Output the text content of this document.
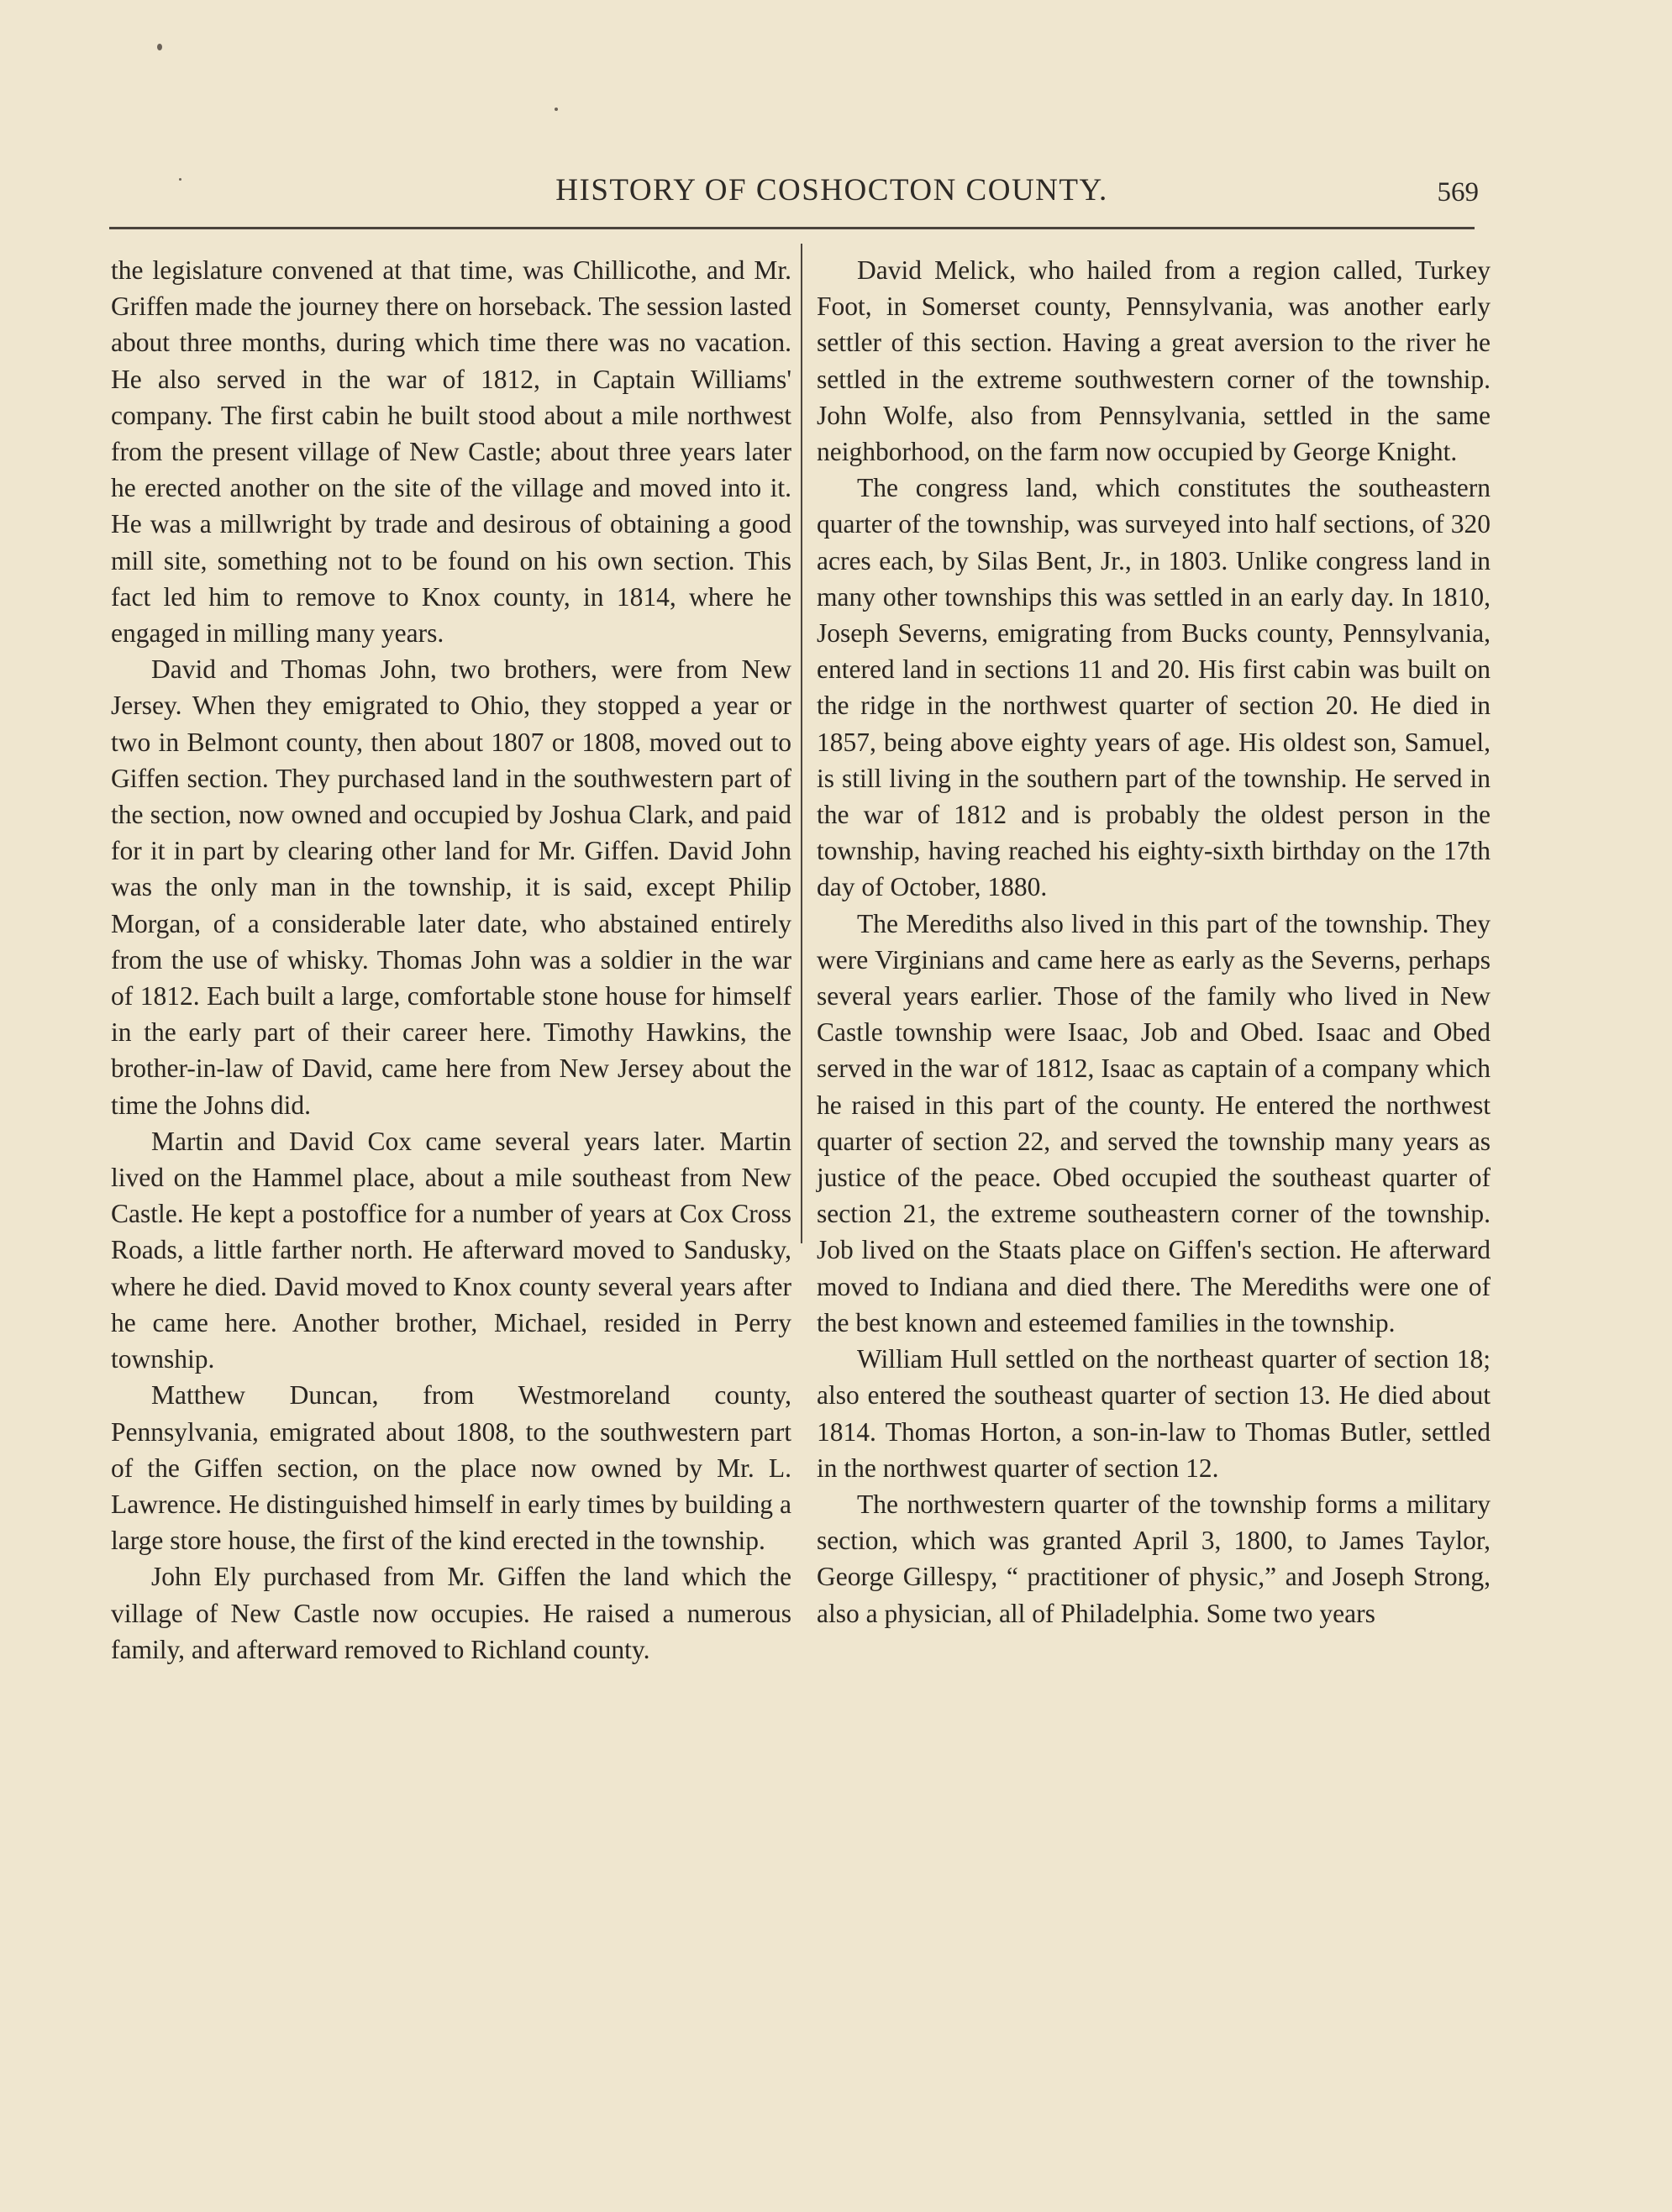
HISTORY OF COSHOCTON COUNTY.	569

the legislature convened at that time, was Chillicothe, and Mr. Griffen made the journey there on horseback. The session lasted about three months, during which time there was no vacation. He also served in the war of 1812, in Captain Williams' company. The first cabin he built stood about a mile northwest from the present village of New Castle; about three years later he erected another on the site of the village and moved into it. He was a millwright by trade and desirous of obtaining a good mill site, something not to be found on his own section. This fact led him to remove to Knox county, in 1814, where he engaged in milling many years.

David and Thomas John, two brothers, were from New Jersey. When they emigrated to Ohio, they stopped a year or two in Belmont county, then about 1807 or 1808, moved out to Giffen section. They purchased land in the southwestern part of the section, now owned and occupied by Joshua Clark, and paid for it in part by clearing other land for Mr. Giffen. David John was the only man in the township, it is said, except Philip Morgan, of a considerable later date, who abstained entirely from the use of whisky. Thomas John was a soldier in the war of 1812. Each built a large, comfortable stone house for himself in the early part of their career here. Timothy Hawkins, the brother-in-law of David, came here from New Jersey about the time the Johns did.

Martin and David Cox came several years later. Martin lived on the Hammel place, about a mile southeast from New Castle. He kept a postoffice for a number of years at Cox Cross Roads, a little farther north. He afterward moved to Sandusky, where he died. David moved to Knox county several years after he came here. Another brother, Michael, resided in Perry township.

Matthew Duncan, from Westmoreland county, Pennsylvania, emigrated about 1808, to the southwestern part of the Giffen section, on the place now owned by Mr. L. Lawrence. He distinguished himself in early times by building a large store house, the first of the kind erected in the township.

John Ely purchased from Mr. Giffen the land which the village of New Castle now occupies. He raised a numerous family, and afterward removed to Richland county.

David Melick, who hailed from a region called, Turkey Foot, in Somerset county, Pennsylvania, was another early settler of this section. Having a great aversion to the river he settled in the extreme southwestern corner of the township. John Wolfe, also from Pennsylvania, settled in the same neighborhood, on the farm now occupied by George Knight.

The congress land, which constitutes the southeastern quarter of the township, was surveyed into half sections, of 320 acres each, by Silas Bent, Jr., in 1803. Unlike congress land in many other townships this was settled in an early day. In 1810, Joseph Severns, emigrating from Bucks county, Pennsylvania, entered land in sections 11 and 20. His first cabin was built on the ridge in the northwest quarter of section 20. He died in 1857, being above eighty years of age. His oldest son, Samuel, is still living in the southern part of the township. He served in the war of 1812 and is probably the oldest person in the township, having reached his eighty-sixth birthday on the 17th day of October, 1880.

The Merediths also lived in this part of the township. They were Virginians and came here as early as the Severns, perhaps several years earlier. Those of the family who lived in New Castle township were Isaac, Job and Obed. Isaac and Obed served in the war of 1812, Isaac as captain of a company which he raised in this part of the county. He entered the northwest quarter of section 22, and served the township many years as justice of the peace. Obed occupied the southeast quarter of section 21, the extreme southeastern corner of the township. Job lived on the Staats place on Giffen's section. He afterward moved to Indiana and died there. The Merediths were one of the best known and esteemed families in the township.

William Hull settled on the northeast quarter of section 18; also entered the southeast quarter of section 13. He died about 1814. Thomas Horton, a son-in-law to Thomas Butler, settled in the northwest quarter of section 12.

The northwestern quarter of the township forms a military section, which was granted April 3, 1800, to James Taylor, George Gillespy, “ practitioner of physic,” and Joseph Strong, also a physician, all of Philadelphia. Some two years
